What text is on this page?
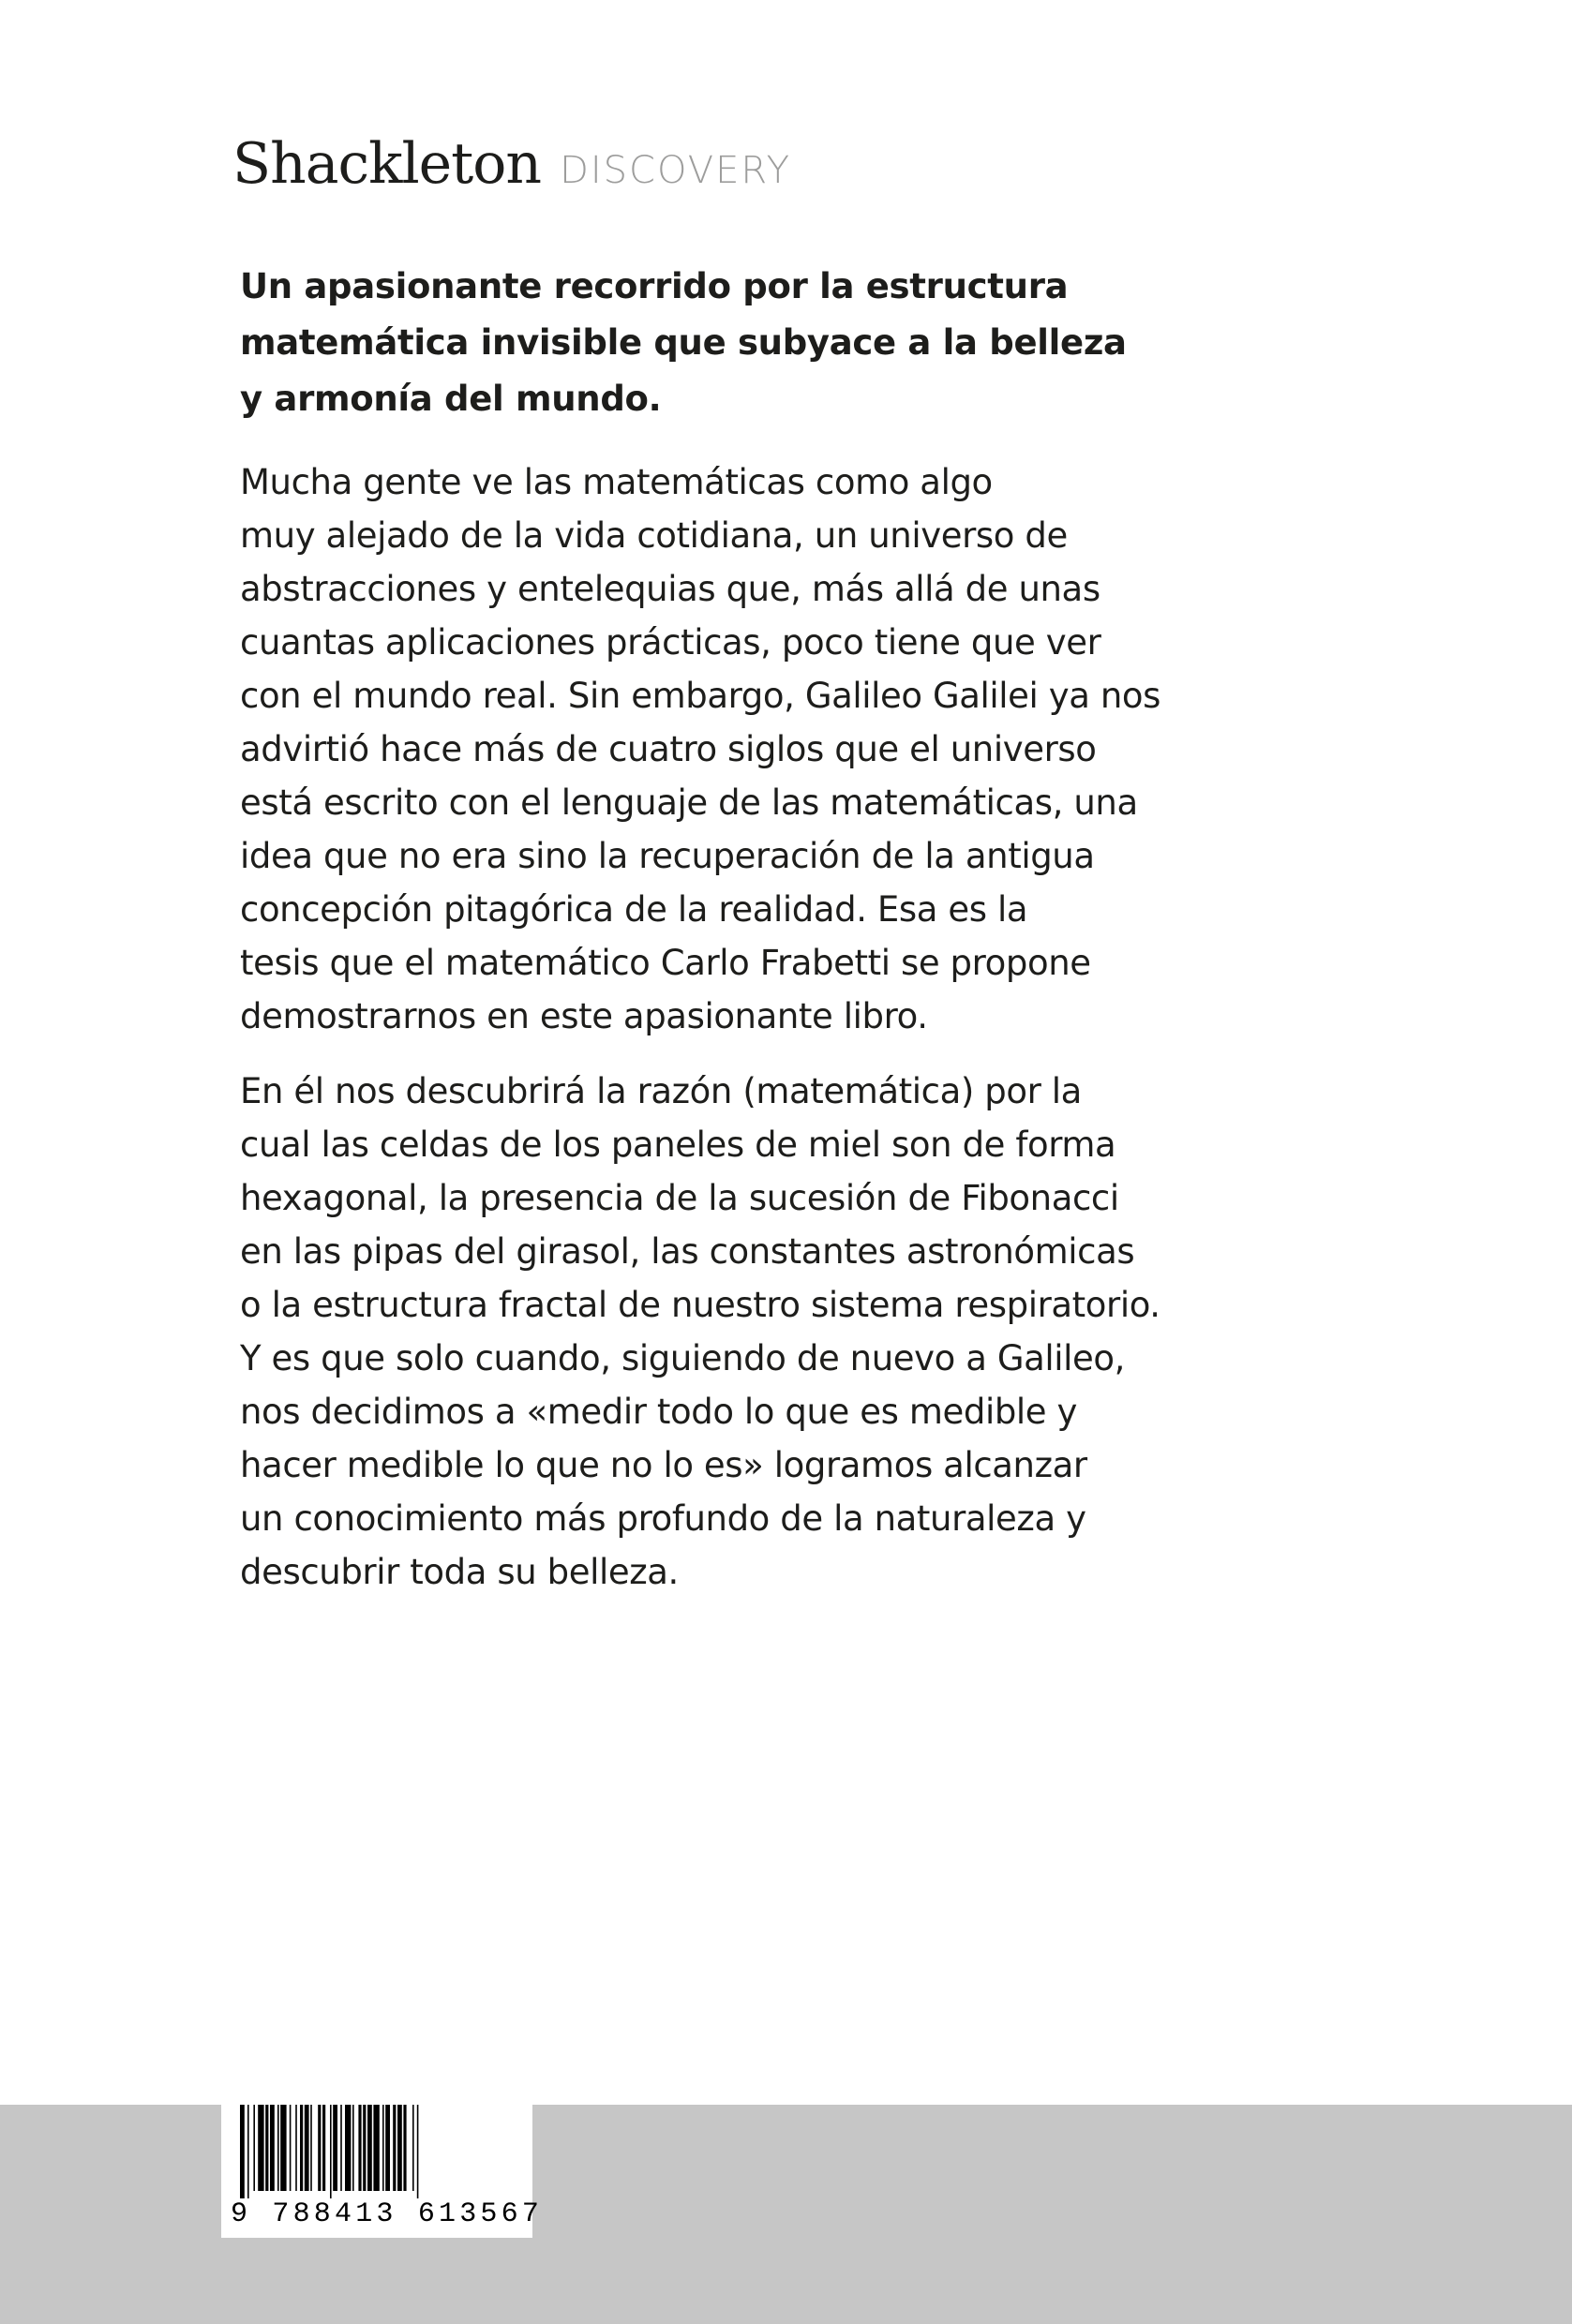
Shackleton DISCOVERY

Un apasionante recorrido por la estructura
matemática invisible que subyace a la belleza
y armonía del mundo.

Mucha gente ve las matemáticas como algo
muy alejado de la vida cotidiana, un universo de
abstracciones y entelequias que, más allá de unas
cuantas aplicaciones prácticas, poco tiene que ver
con el mundo real. Sin embargo, Galileo Galilei ya nos
advirtió hace más de cuatro siglos que el universo
está escrito con el lenguaje de las matemáticas, una
idea que no era sino la recuperación de la antigua
concepción pitagórica de la realidad. Esa es la
tesis que el matemático Carlo Frabetti se propone
demostrarnos en este apasionante libro.

En él nos descubrirá la razón (matemática) por la
cual las celdas de los paneles de miel son de forma
hexagonal, la presencia de la sucesión de Fibonacci
en las pipas del girasol, las constantes astronómicas
o la estructura fractal de nuestro sistema respiratorio.
Y es que solo cuando, siguiendo de nuevo a Galileo,
nos decidimos a «medir todo lo que es medible y
hacer medible lo que no lo es» logramos alcanzar
un conocimiento más profundo de la naturaleza y
descubrir toda su belleza.

9 788413 613567
